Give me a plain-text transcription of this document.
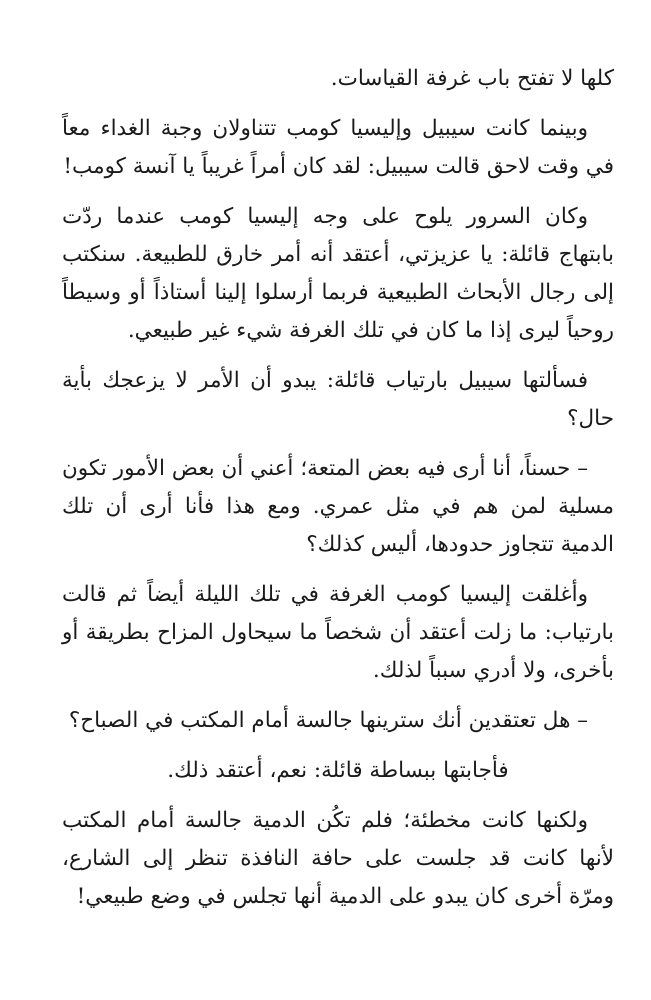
كلها لا تفتح باب غرفة القياسات.

وبينما كانت سيبيل وإليسيا كومب تتناولان وجبة الغداء معاً في وقت لاحق قالت سيبيل: لقد كان أمراً غريباً يا آنسة كومب!

وكان السرور يلوح على وجه إليسيا كومب عندما ردّت بابتهاج قائلة: يا عزيزتي، أعتقد أنه أمر خارق للطبيعة. سنكتب إلى رجال الأبحاث الطبيعية فربما أرسلوا إلينا أستاذاً أو وسيطاً روحياً ليرى إذا ما كان في تلك الغرفة شيء غير طبيعي.

فسألتها سيبيل بارتياب قائلة: يبدو أن الأمر لا يزعجك بأية حال؟

– حسناً، أنا أرى فيه بعض المتعة؛ أعني أن بعض الأمور تكون مسلية لمن هم في مثل عمري. ومع هذا فأنا أرى أن تلك الدمية تتجاوز حدودها، أليس كذلك؟

وأغلقت إليسيا كومب الغرفة في تلك الليلة أيضاً ثم قالت بارتياب: ما زلت أعتقد أن شخصاً ما سيحاول المزاح بطريقة أو بأخرى، ولا أدري سبباً لذلك.

– هل تعتقدين أنك سترينها جالسة أمام المكتب في الصباح؟

فأجابتها ببساطة قائلة: نعم، أعتقد ذلك.

ولكنها كانت مخطئة؛ فلم تكُن الدمية جالسة أمام المكتب لأنها كانت قد جلست على حافة النافذة تنظر إلى الشارع، ومرّة أخرى كان يبدو على الدمية أنها تجلس في وضع طبيعي!
